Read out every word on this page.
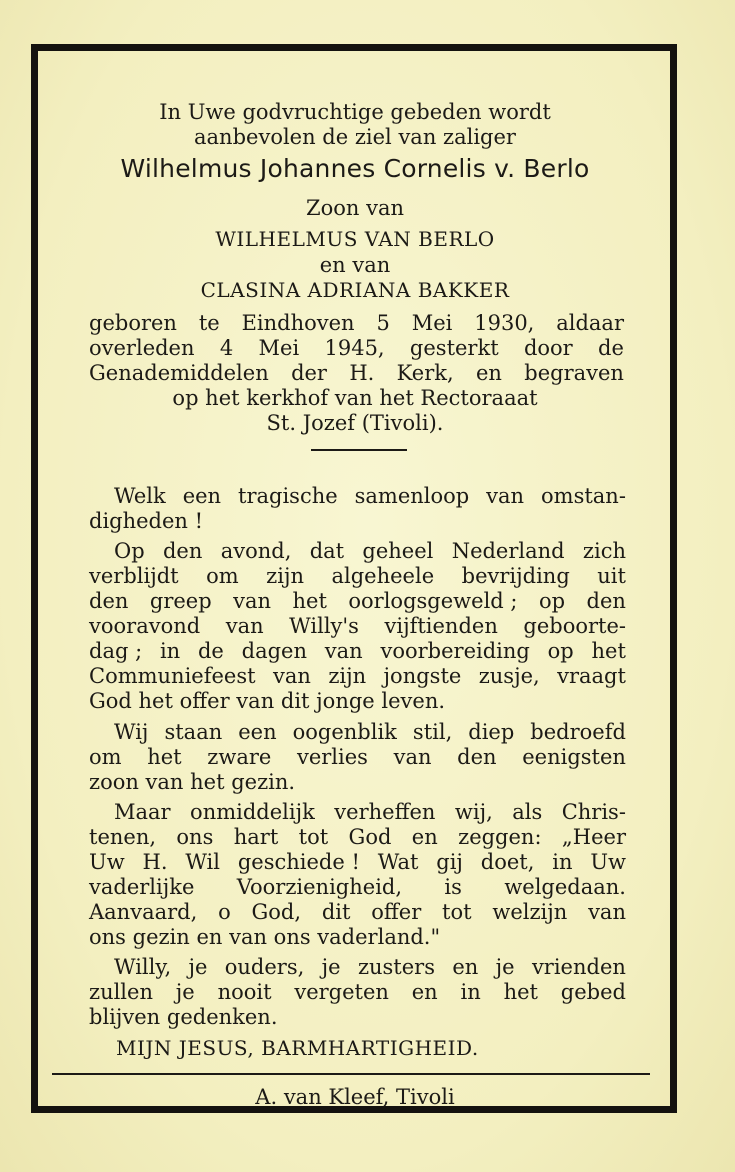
In Uwe godvruchtige gebeden wordt
aanbevolen de ziel van zaliger
Wilhelmus Johannes Cornelis v. Berlo
Zoon van
WILHELMUS VAN BERLO
en van
CLASINA ADRIANA BAKKER
geboren te Eindhoven 5 Mei 1930, aldaar
overleden 4 Mei 1945, gesterkt door de
Genademiddelen der H. Kerk, en begraven
op het kerkhof van het Rectoraaat
St. Jozef (Tivoli).
Welk een tragische samenloop van omstan-
digheden !
Op den avond, dat geheel Nederland zich
verblijdt om zijn algeheele bevrijding uit
den greep van het oorlogsgeweld ; op den
vooravond van Willy's vijftienden geboorte-
dag ; in de dagen van voorbereiding op het
Communiefeest van zijn jongste zusje, vraagt
God het offer van dit jonge leven.
Wij staan een oogenblik stil, diep bedroefd
om het zware verlies van den eenigsten
zoon van het gezin.
Maar onmiddelijk verheffen wij, als Chris-
tenen, ons hart tot God en zeggen: „Heer
Uw H. Wil geschiede ! Wat gij doet, in Uw
vaderlijke Voorzienigheid, is welgedaan.
Aanvaard, o God, dit offer tot welzijn van
ons gezin en van ons vaderland."
Willy, je ouders, je zusters en je vrienden
zullen je nooit vergeten en in het gebed
blijven gedenken.
MIJN JESUS, BARMHARTIGHEID.
A. van Kleef, Tivoli
